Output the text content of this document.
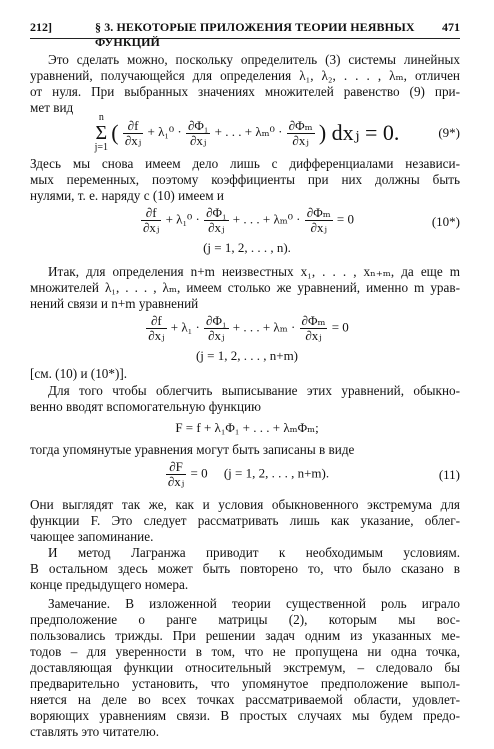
212]	§ 3. НЕКОТОРЫЕ ПРИЛОЖЕНИЯ ТЕОРИИ НЕЯВНЫХ ФУНКЦИЙ
471
Это сделать можно, поскольку определитель (3) системы линейных
уравнений, получающейся для определения λ₁, λ₂, . . . , λₘ, отличен
от нуля. При выбранных значениях множителей равенство (9) при-
мет вид
n
Σ
j=1
( $\frac{\partial f}{\text{∂xⱼ}} + \lambda_1^0 \cdot \frac{\text{∂Φ₁}}{\text{∂xⱼ}}$ + . . . + $\lambda_m^0 \cdot \frac{\text{∂Φₘ}}{\text{∂xⱼ}}$ ) dxⱼ = 0.	(9*)
Здесь мы снова имеем дело лишь с дифференциалами независи-
мых переменных, поэтому коэффициенты при них должны быть
нулями, т. е. наряду с (10) имеем и
$\frac{\partial f}{\text{∂xⱼ}} + \lambda_1^0 \cdot \frac{\text{∂Φ₁}}{\text{∂xⱼ}}$ + . . . + $\lambda_m^0 \cdot \frac{\text{∂Φₘ}}{\text{∂xⱼ}} = 0$	(10*)
(j = 1, 2, . . . , n).
Итак, для определения n+m неизвестных x₁, . . . , xₙ₊ₘ, да еще m
множителей λ₁, . . . , λₘ, имеем столько же уравнений, именно m урав-
нений связи и n+m уравнений
$\frac{\partial f}{\text{∂xⱼ}} + \lambda_1 \cdot \frac{\text{∂Φ₁}}{\text{∂xⱼ}}$ + . . . + $\lambda_m \cdot \frac{\text{∂Φₘ}}{\text{∂xⱼ}} = 0$
(j = 1, 2, . . . , n+m)
[см. (10) и (10*)].
Для того чтобы облегчить выписывание этих уравнений, обыкно-
венно вводят вспомогательную функцию
F = f + λ₁Φ₁ + . . . + λₘΦₘ;
тогда упомянутые уравнения могут быть записаны в виде
$\frac{\partial F}{\text{∂xⱼ}} = 0$     (j = 1, 2, . . . , n+m).	(11)
Они выглядят так же, как и условия обыкновенного экстремума для
функции F. Это следует рассматривать лишь как указание, облег-
чающее запоминание.
И метод Лагранжа приводит к необходимым условиям.
В остальном здесь может быть повторено то, что было сказано в
конце предыдущего номера.
Замечание. В изложенной теории существенной роль играло
предположение о ранге матрицы (2), которым мы вос-
пользовались трижды. При решении задач одним из указанных ме-
тодов – для уверенности в том, что не пропущена ни одна точка,
доставляющая функции относительный экстремум, – следовало бы
предварительно установить, что упомянутое предположение выпол-
няется на деле во всех точках рассматриваемой области, удовлет-
воряющих уравнениям связи. В простых случаях мы будем предо-
ставлять это читателю.
